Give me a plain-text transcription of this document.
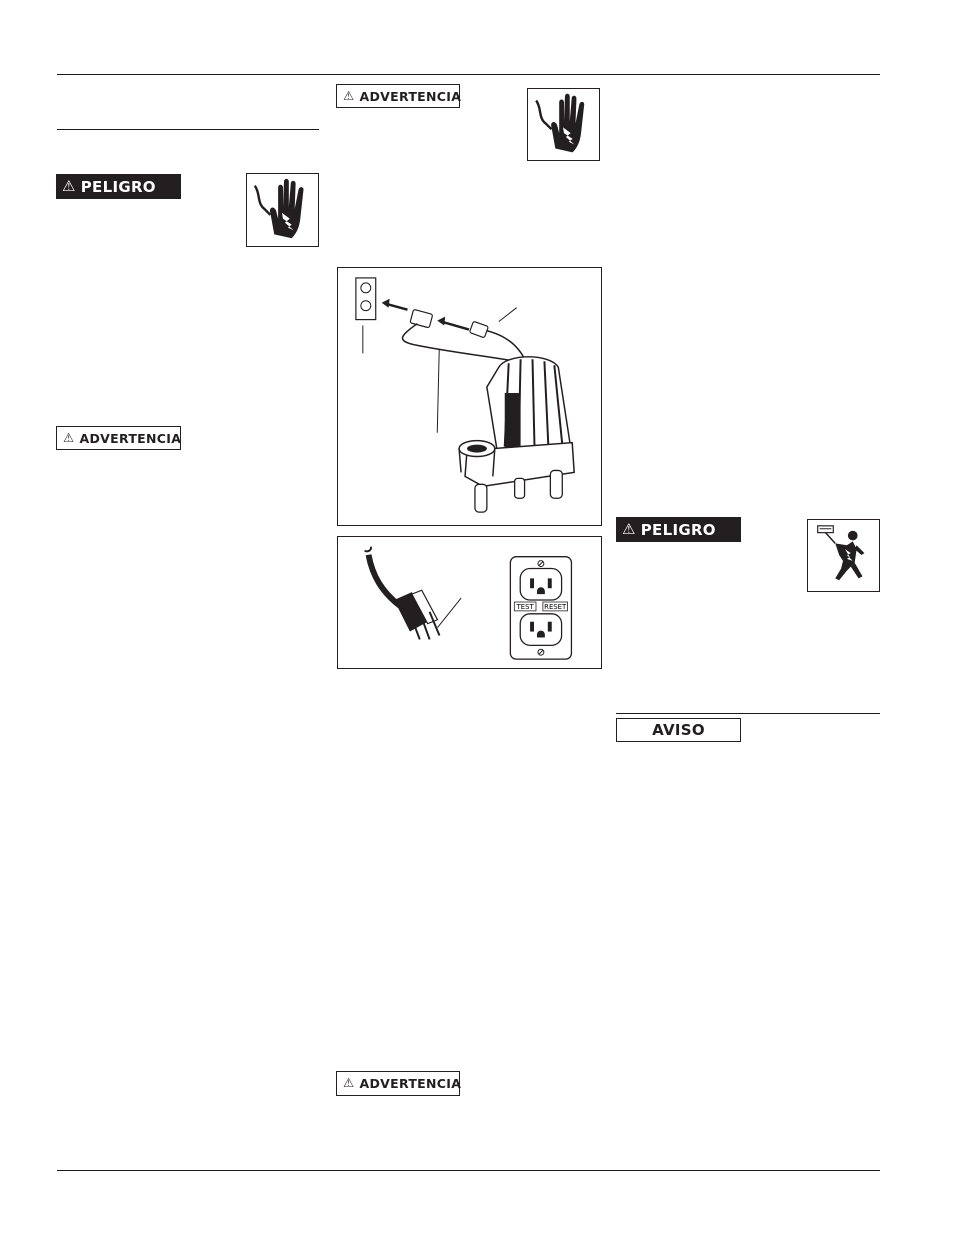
⚠ PELIGRO
⚠ ADVERTENCIA
⚠ ADVERTENCIA
TEST RESET
⚠ ADVERTENCIA
⚠ PELIGRO
AVISO
